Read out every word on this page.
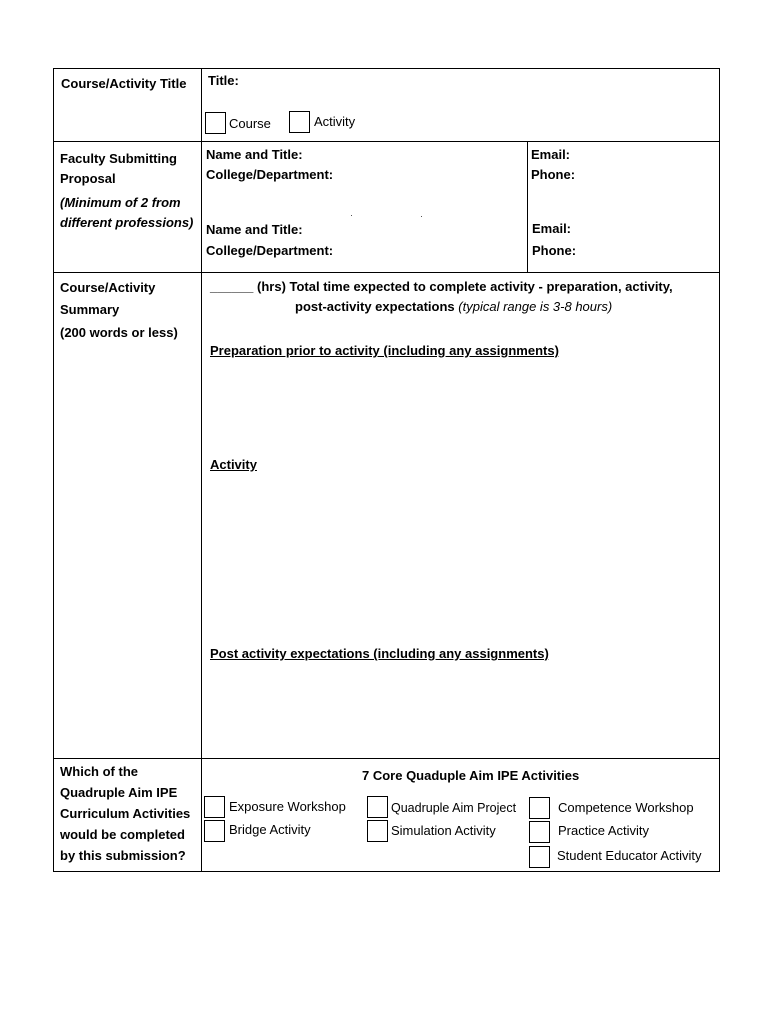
Course/Activity Title Title:
Course	Activity
Faculty Submitting
Proposal
(Minimum of 2 from
different professions)
Name and Title:
College/Department:
Email:
Phone:
Name and Title:
College/Department:
Email:
Phone:
Course/Activity
Summary
(200 words or less)
______ (hrs) Total time expected to complete activity - preparation, activity,
post-activity expectations (typical range is 3-8 hours)
Preparation prior to activity (including any assignments)
Activity
Post activity expectations (including any assignments)
Which of the
Quadruple Aim IPE
Curriculum Activities
would be completed
by this submission?
7 Core Quaduple Aim IPE Activities
Exposure Workshop
Bridge Activity
Quadruple Aim Project
Simulation Activity
Competence Workshop
Practice Activity
Student Educator Activity
